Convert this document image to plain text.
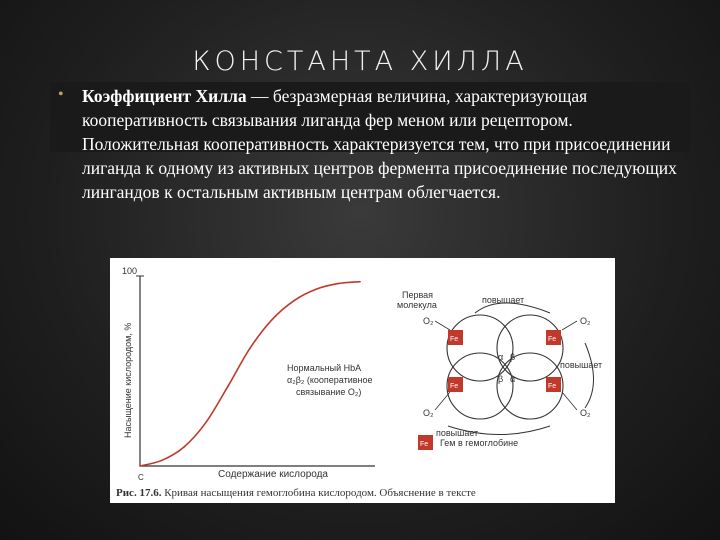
КОНСТАНТА ХИЛЛА
• Коэффициент Хилла — безразмерная величина, характеризующая кооперативность связывания лиганда фер меном или рецептором. Положительная кооперативность характеризуется тем, что при присоединении лиганда к одному из активных центров фермента присоединение последующих лингандов к остальным активным центрам облегчается.
100
C
Насыщение кислородом, %
Содержание кислорода
Нормальный НbА
α₂β₂ (кооперативное
связывание O₂)
Первая
молекула	повышает
повышает
повышает
α β
β α
Fe	Fe
Fe	Fe
O₂	O₂
O₂	O₂
Fe Гем в гемоглобине
Рис. 17.6. Кривая насыщения гемоглобина кислородом. Объяснение в тексте
